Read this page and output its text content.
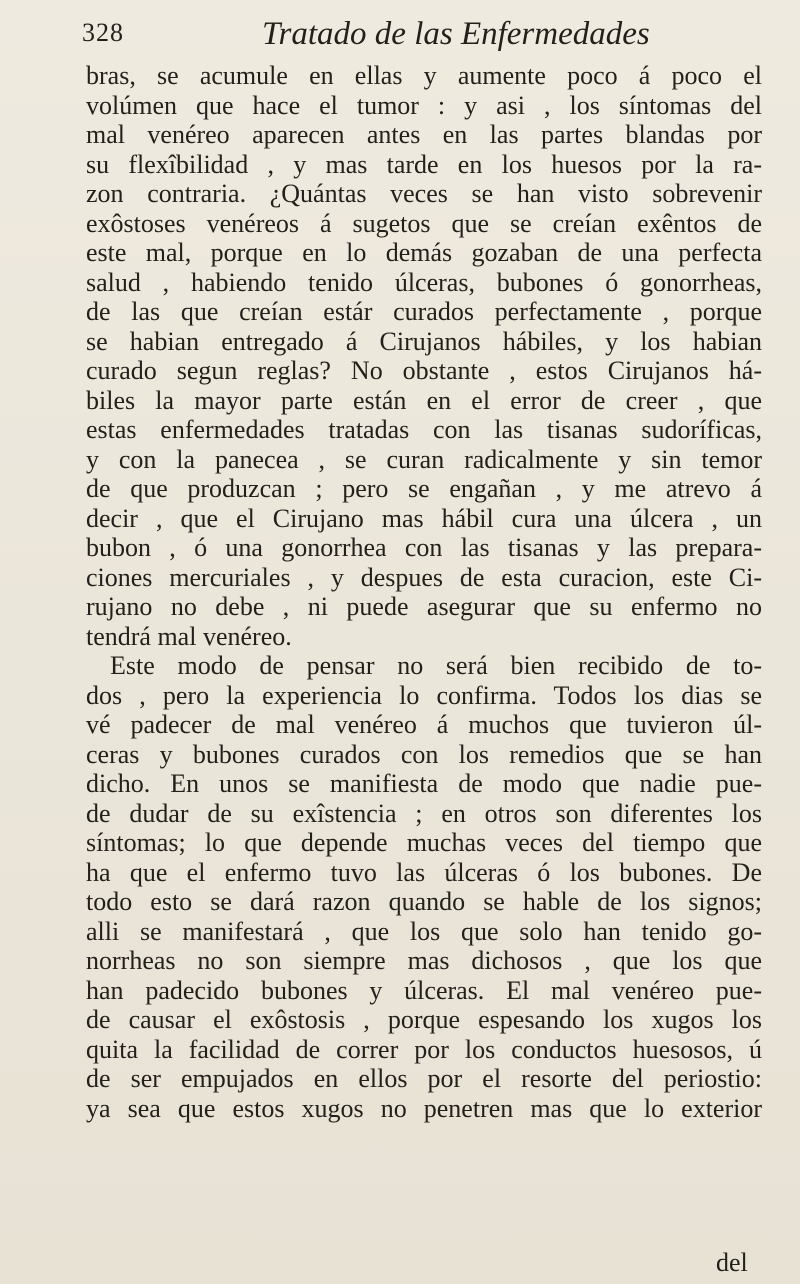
328	Tratado de las Enfermedades
bras, se acumule en ellas y aumente poco á poco el
volúmen que hace el tumor : y asi , los síntomas del
mal venéreo aparecen antes en las partes blandas por
su flexîbilidad , y mas tarde en los huesos por la ra-
zon contraria. ¿Quántas veces se han visto sobrevenir
exôstoses venéreos á sugetos que se creían exêntos de
este mal, porque en lo demás gozaban de una perfecta
salud , habiendo tenido úlceras, bubones ó gonorrheas,
de las que creían estár curados perfectamente , porque
se habian entregado á Cirujanos hábiles, y los habian
curado segun reglas? No obstante , estos Cirujanos há-
biles la mayor parte están en el error de creer , que
estas enfermedades tratadas con las tisanas sudoríficas,
y con la panecea , se curan radicalmente y sin temor
de que produzcan ; pero se engañan , y me atrevo á
decir , que el Cirujano mas hábil cura una úlcera , un
bubon , ó una gonorrhea con las tisanas y las prepara-
ciones mercuriales , y despues de esta curacion, este Ci-
rujano no debe , ni puede asegurar que su enfermo no
tendrá mal venéreo.
Este modo de pensar no será bien recibido de to-
dos , pero la experiencia lo confirma. Todos los dias se
vé padecer de mal venéreo á muchos que tuvieron úl-
ceras y bubones curados con los remedios que se han
dicho. En unos se manifiesta de modo que nadie pue-
de dudar de su exîstencia ; en otros son diferentes los
síntomas; lo que depende muchas veces del tiempo que
ha que el enfermo tuvo las úlceras ó los bubones. De
todo esto se dará razon quando se hable de los signos;
alli se manifestará , que los que solo han tenido go-
norrheas no son siempre mas dichosos , que los que
han padecido bubones y úlceras. El mal venéreo pue-
de causar el exôstosis , porque espesando los xugos los
quita la facilidad de correr por los conductos huesosos, ú
de ser empujados en ellos por el resorte del periostio:
ya sea que estos xugos no penetren mas que lo exterior
del
